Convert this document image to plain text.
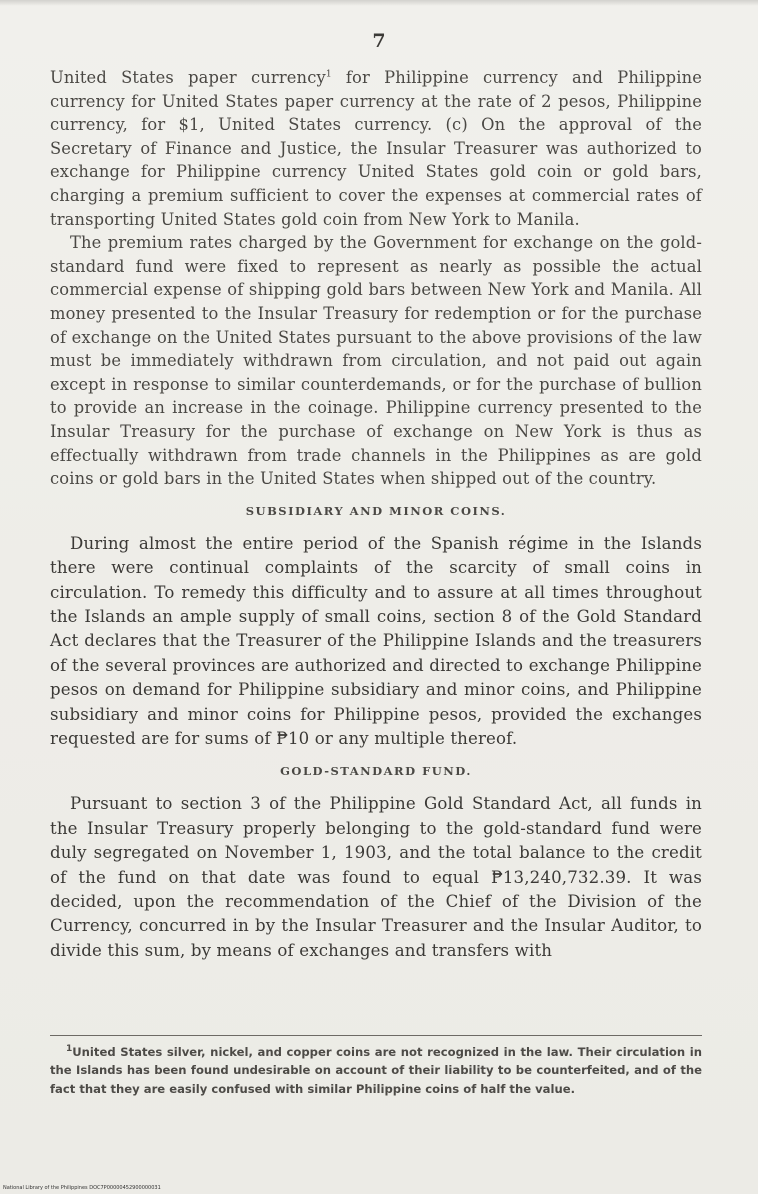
7

United States paper currency$^1$ for Philippine currency and Philippine currency for United States paper currency at the rate of 2 pesos, Philippine currency, for $1, United States currency. (c) On the approval of the Secretary of Finance and Justice, the Insular Treasurer was authorized to exchange for Philippine currency United States gold coin or gold bars, charging a premium sufficient to cover the expenses at commercial rates of transporting United States gold coin from New York to Manila.

The premium rates charged by the Government for exchange on the gold-standard fund were fixed to represent as nearly as possible the actual commercial expense of shipping gold bars between New York and Manila. All money presented to the Insular Treasury for redemption or for the purchase of exchange on the United States pursuant to the above provisions of the law must be immediately withdrawn from circulation, and not paid out again except in response to similar counterdemands, or for the purchase of bullion to provide an increase in the coinage. Philippine currency presented to the Insular Treasury for the purchase of exchange on New York is thus as effectually withdrawn from trade channels in the Philippines as are gold coins or gold bars in the United States when shipped out of the country.

SUBSIDIARY AND MINOR COINS.

During almost the entire period of the Spanish régime in the Islands there were continual complaints of the scarcity of small coins in circulation. To remedy this difficulty and to assure at all times throughout the Islands an ample supply of small coins, section 8 of the Gold Standard Act declares that the Treasurer of the Philippine Islands and the treasurers of the several provinces are authorized and directed to exchange Philippine pesos on demand for Philippine subsidiary and minor coins, and Philippine subsidiary and minor coins for Philippine pesos, provided the exchanges requested are for sums of ₱10 or any multiple thereof.

GOLD-STANDARD FUND.

Pursuant to section 3 of the Philippine Gold Standard Act, all funds in the Insular Treasury properly belonging to the gold-standard fund were duly segregated on November 1, 1903, and the total balance to the credit of the fund on that date was found to equal ₱13,240,732.39. It was decided, upon the recommendation of the Chief of the Division of the Currency, concurred in by the Insular Treasurer and the Insular Auditor, to divide this sum, by means of exchanges and transfers with

$^1$United States silver, nickel, and copper coins are not recognized in the law. Their circulation in the Islands has been found undesirable on account of their liability to be counterfeited, and of the fact that they are easily confused with similar Philippine coins of half the value.

National Library of the Philippines DOC7P00000452900000031
